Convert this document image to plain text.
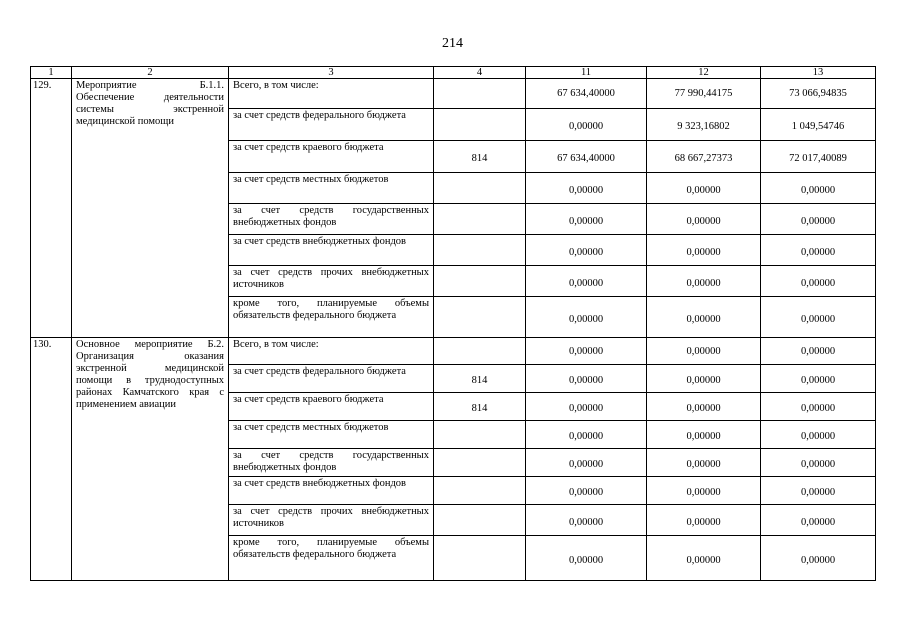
214
1	2	3	4	11	12	13
129.	Мероприятие Б.1.1. Обеспечение деятельности системы экстренной медицинской помощи	Всего, в том числе:		67 634,40000	77 990,44175	73 066,94835
		за счет средств федерального бюджета		0,00000	9 323,16802	1 049,54746
		за счет средств краевого бюджета	814	67 634,40000	68 667,27373	72 017,40089
		за счет средств местных бюджетов		0,00000	0,00000	0,00000
		за счет средств государственных внебюджетных фондов		0,00000	0,00000	0,00000
		за счет средств внебюджетных фондов		0,00000	0,00000	0,00000
		за счет средств прочих внебюджетных источников		0,00000	0,00000	0,00000
		кроме того, планируемые объемы обязательств федерального бюджета		0,00000	0,00000	0,00000
130.	Основное мероприятие Б.2. Организация оказания экстренной медицинской помощи в труднодоступных районах Камчатского края с применением авиации	Всего, в том числе:		0,00000	0,00000	0,00000
		за счет средств федерального бюджета	814	0,00000	0,00000	0,00000
		за счет средств краевого бюджета	814	0,00000	0,00000	0,00000
		за счет средств местных бюджетов		0,00000	0,00000	0,00000
		за счет средств государственных внебюджетных фондов		0,00000	0,00000	0,00000
		за счет средств внебюджетных фондов		0,00000	0,00000	0,00000
		за счет средств прочих внебюджетных источников		0,00000	0,00000	0,00000
		кроме того, планируемые объемы обязательств федерального бюджета		0,00000	0,00000	0,00000
